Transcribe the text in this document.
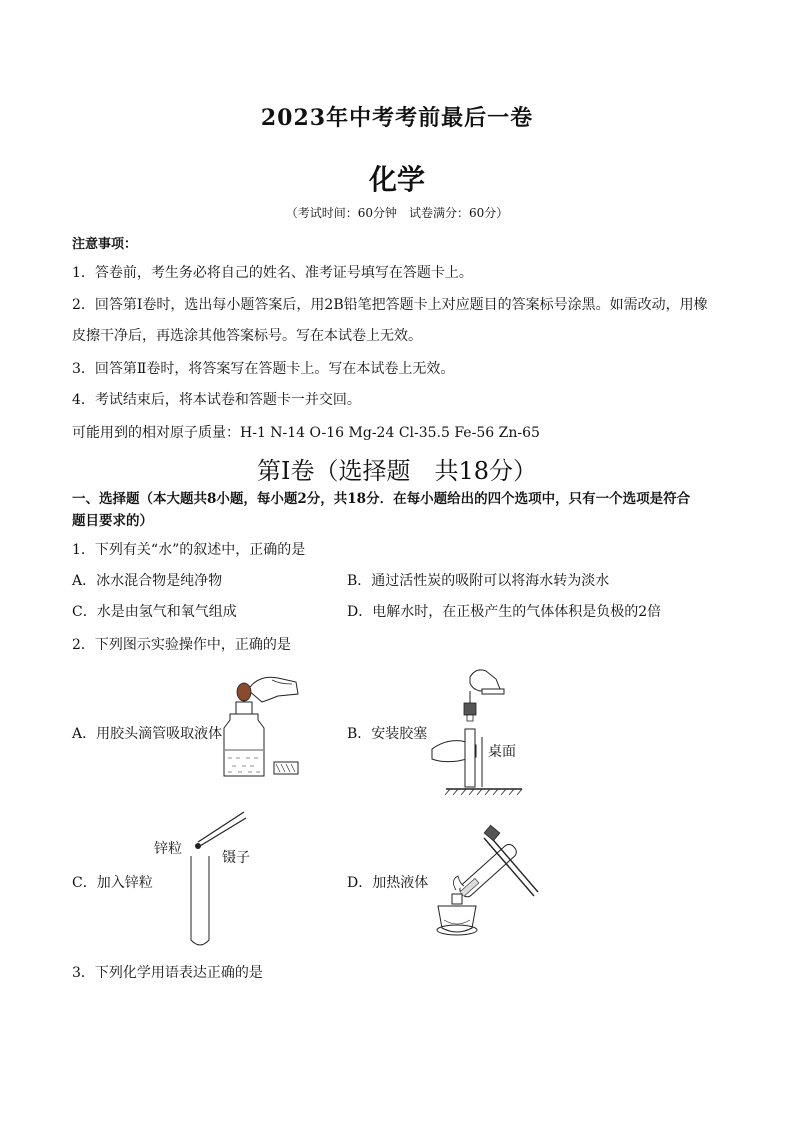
2023年中考考前最后一卷
化学
（考试时间：60分钟　试卷满分：60分）
注意事项：
1．答卷前，考生务必将自己的姓名、准考证号填写在答题卡上。
2．回答第Ⅰ卷时，选出每小题答案后，用2B铅笔把答题卡上对应题目的答案标号涂黑。如需改动，用橡
皮擦干净后，再选涂其他答案标号。写在本试卷上无效。
3．回答第Ⅱ卷时，将答案写在答题卡上。写在本试卷上无效。
4．考试结束后，将本试卷和答题卡一并交回。
可能用到的相对原子质量：H-1 N-14 O-16 Mg-24 Cl-35.5 Fe-56 Zn-65
第Ⅰ卷（选择题　共18分）
一、选择题（本大题共8小题，每小题2分，共18分．在每小题给出的四个选项中，只有一个选项是符合
题目要求的）
1．下列有关“水”的叙述中，正确的是
A．冰水混合物是纯净物	B．通过活性炭的吸附可以将海水转为淡水
C．水是由氢气和氧气组成	D．电解水时，在正极产生的气体体积是负极的2倍
2．下列图示实验操作中，正确的是
A．用胶头滴管吸取液体	B．安装胶塞
C．加入锌粒	D．加热液体
桌面
锌粒
镊子
3．下列化学用语表达正确的是
